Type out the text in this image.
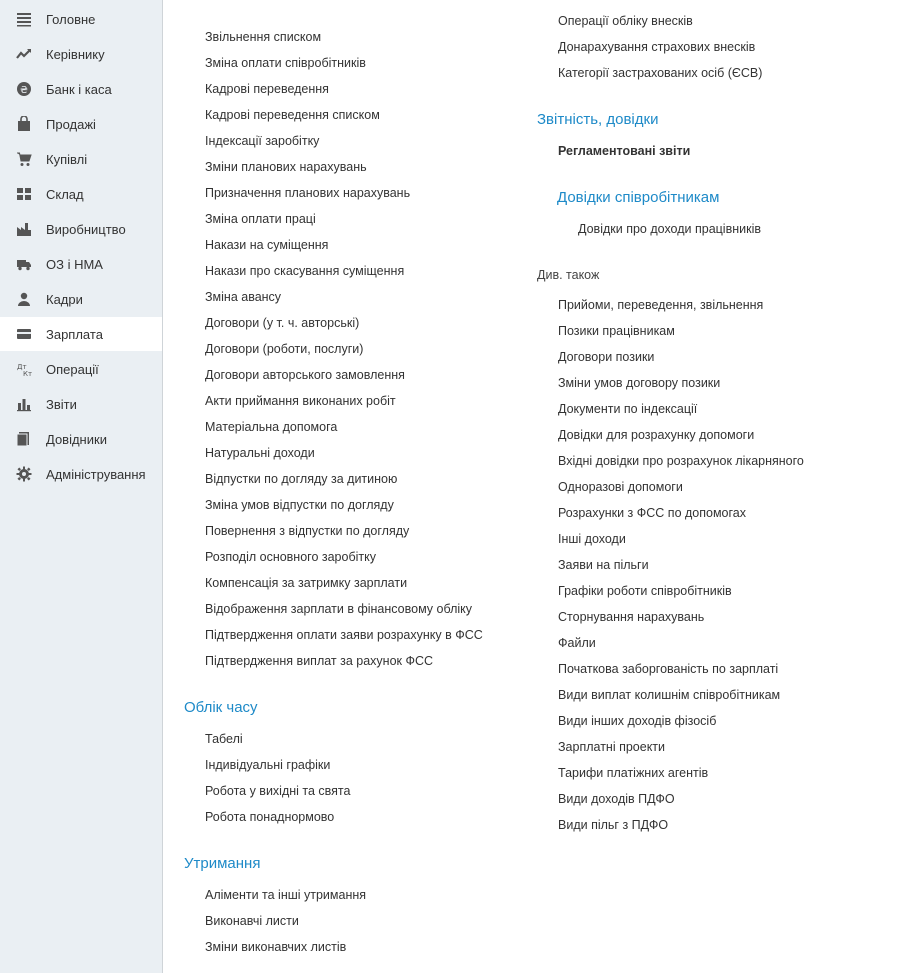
Головне
Керівнику
₴ Банк і каса
Продажі
Купівлі
Склад
Виробництво
ОЗ і НМА
Кадри
Зарплата
Дт
Кт Операції
Звіти
Довідники
Адміністрування
Звільнення списком
Зміна оплати співробітників
Кадрові переведення
Кадрові переведення списком
Індексації заробітку
Зміни планових нарахувань
Призначення планових нарахувань
Зміна оплати праці
Накази на суміщення
Накази про скасування суміщення
Зміна авансу
Договори (у т. ч. авторські)
Договори (роботи, послуги)
Договори авторського замовлення
Акти приймання виконаних робіт
Матеріальна допомога
Натуральні доходи
Відпустки по догляду за дитиною
Зміна умов відпустки по догляду
Повернення з відпустки по догляду
Розподіл основного заробітку
Компенсація за затримку зарплати
Відображення зарплати в фінансовому обліку
Підтвердження оплати заяви розрахунку в ФСС
Підтвердження виплат за рахунок ФСС
Облік часу
Табелі
Індивідуальні графіки
Робота у вихідні та свята
Робота понаднормово
Утримання
Аліменти та інші утримання
Виконавчі листи
Зміни виконавчих листів
Операції обліку внесків
Донарахування страхових внесків
Категорії застрахованих осіб (ЄСВ)
Звітність, довідки
Регламентовані звіти
Довідки співробітникам
Довідки про доходи працівників
Див. також
Прийоми, переведення, звільнення
Позики працівникам
Договори позики
Зміни умов договору позики
Документи по індексації
Довідки для розрахунку допомоги
Вхідні довідки про розрахунок лікарняного
Одноразові допомоги
Розрахунки з ФСС по допомогах
Інші доходи
Заяви на пільги
Графіки роботи співробітників
Сторнування нарахувань
Файли
Початкова заборгованість по зарплаті
Види виплат колишнім співробітникам
Види інших доходів фізосіб
Зарплатні проекти
Тарифи платіжних агентів
Види доходів ПДФО
Види пільг з ПДФО
